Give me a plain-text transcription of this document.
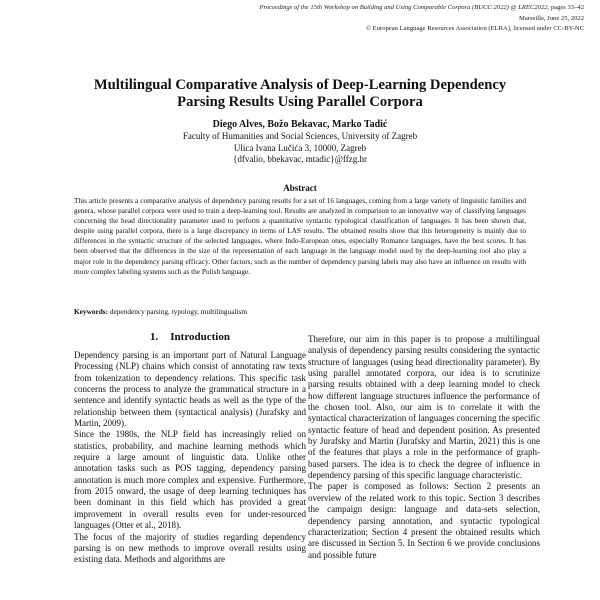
Proceedings of the 15th Workshop on Building and Using Comparable Corpora (BUCC 2022) @ LREC2022, pages 33–42
Marseille, June 25, 2022
© European Language Resources Association (ELRA), licensed under CC-BY-NC
Multilingual Comparative Analysis of Deep-Learning Dependency
Parsing Results Using Parallel Corpora
Diego Alves, Božo Bekavac, Marko Tadić
Faculty of Humanities and Social Sciences, University of Zagreb
Ulica Ivana Lučića 3, 10000, Zagreb
{dfvalio, bbekavac, mtadic}@ffzg.hr
Abstract

This article presents a comparative analysis of dependency parsing results for a set of 16 languages, coming from a large variety of linguistic families and genera, whose parallel corpora were used to train a deep-learning tool. Results are analyzed in comparison to an innovative way of classifying languages concerning the head directionality parameter used to perform a quantitative syntactic typological classification of languages. It has been shown that, despite using parallel corpora, there is a large discrepancy in terms of LAS results. The obtained results show that this heterogeneity is mainly due to differences in the syntactic structure of the selected languages, where Indo-European ones, especially Romance languages, have the best scores. It has been observed that the differences in the size of the representation of each language in the language model used by the deep-learning tool also play a major role in the dependency parsing efficacy. Other factors, such as the number of dependency parsing labels may also have an influence on results with more complex labeling systems such as the Polish language.

Keywords: dependency parsing, typology, multilingualism
1. Introduction

Dependency parsing is an important part of Natural Language Processing (NLP) chains which consist of annotating raw texts from tokenization to dependency relations. This specific task concerns the process to analyze the grammatical structure in a sentence and identify syntactic heads as well as the type of the relationship between them (syntactical analysis) (Jurafsky and Martin, 2009).

Since the 1980s, the NLP field has increasingly relied on statistics, probability, and machine learning methods which require a large amount of linguistic data. Unlike other annotation tasks such as POS tagging, dependency parsing annotation is much more complex and expensive. Furthermore, from 2015 onward, the usage of deep learning techniques has been dominant in this field which has provided a great improvement in overall results even for under-resourced languages (Otter et al., 2018).

The focus of the majority of studies regarding dependency parsing is on new methods to improve overall results using existing data. Methods and algorithms are

Therefore, our aim in this paper is to propose a multilingual analysis of dependency parsing results considering the syntactic structure of languages (using head directionality parameter). By using parallel annotated corpora, our idea is to scrutinize parsing results obtained with a deep learning model to check how different language structures influence the performance of the chosen tool. Also, our aim is to correlate it with the syntactical characterization of languages concerning the specific syntactic feature of head and dependent position. As presented by Jurafsky and Martin (Jurafsky and Martin, 2021) this is one of the features that plays a role in the performance of graph-based parsers. The idea is to check the degree of influence in dependency parsing of this specific language characteristic.

The paper is composed as follows: Section 2 presents an overview of the related work to this topic. Section 3 describes the campaign design: language and data-sets selection, dependency parsing annotation, and syntactic typological characterization; Section 4 present the obtained results which are discussed in Section 5. In Section 6 we provide conclusions and possible future
